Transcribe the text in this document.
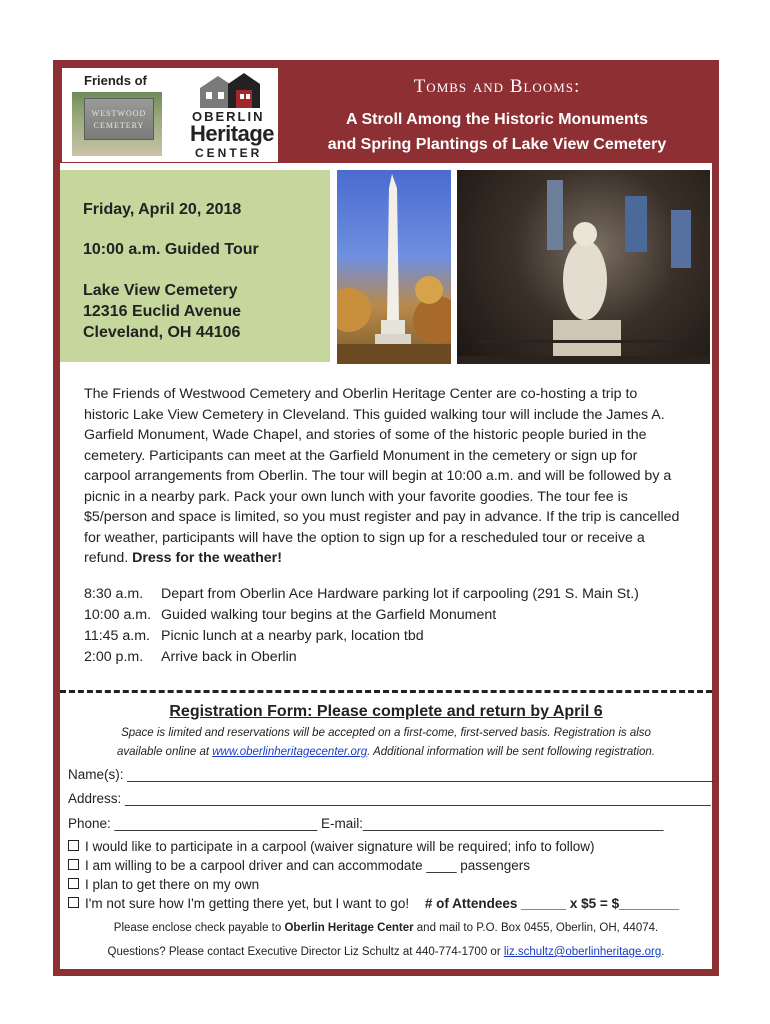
Friends of
WESTWOOD
CEMETERY
OBERLIN
Heritage
CENTER
Tombs and Blooms:
A Stroll Among the Historic Monuments
and Spring Plantings of Lake View Cemetery
Friday, April 20, 2018
10:00 a.m. Guided Tour
Lake View Cemetery
12316 Euclid Avenue
Cleveland, OH 44106
The Friends of Westwood Cemetery and Oberlin Heritage Center are co-hosting a trip to historic Lake View Cemetery in Cleveland. This guided walking tour will include the James A. Garfield Monument, Wade Chapel, and stories of some of the historic people buried in the cemetery. Participants can meet at the Garfield Monument in the cemetery or sign up for carpool arrangements from Oberlin. The tour will begin at 10:00 a.m. and will be followed by a picnic in a nearby park. Pack your own lunch with your favorite goodies. The tour fee is $5/person and space is limited, so you must register and pay in advance. If the trip is cancelled for weather, participants will have the option to sign up for a rescheduled tour or receive a refund. Dress for the weather!
8:30 a.m. Depart from Oberlin Ace Hardware parking lot if carpooling (291 S. Main St.)
10:00 a.m. Guided walking tour begins at the Garfield Monument
11:45 a.m. Picnic lunch at a nearby park, location tbd
2:00 p.m. Arrive back in Oberlin
Registration Form: Please complete and return by April 6
Space is limited and reservations will be accepted on a first-come, first-served basis. Registration is also
available online at www.oberlinheritagecenter.org. Additional information will be sent following registration.
Name(s): ______________________________________________________________________________
Address: ______________________________________________________________________________
Phone: ___________________________ E-mail:________________________________________
I would like to participate in a carpool (waiver signature will be required; info to follow)
I am willing to be a carpool driver and can accommodate ____ passengers
I plan to get there on my own
I'm not sure how I'm getting there yet, but I want to go! # of Attendees ______ x $5 = $________
Please enclose check payable to Oberlin Heritage Center and mail to P.O. Box 0455, Oberlin, OH, 44074.
Questions? Please contact Executive Director Liz Schultz at 440-774-1700 or liz.schultz@oberlinheritage.org.
